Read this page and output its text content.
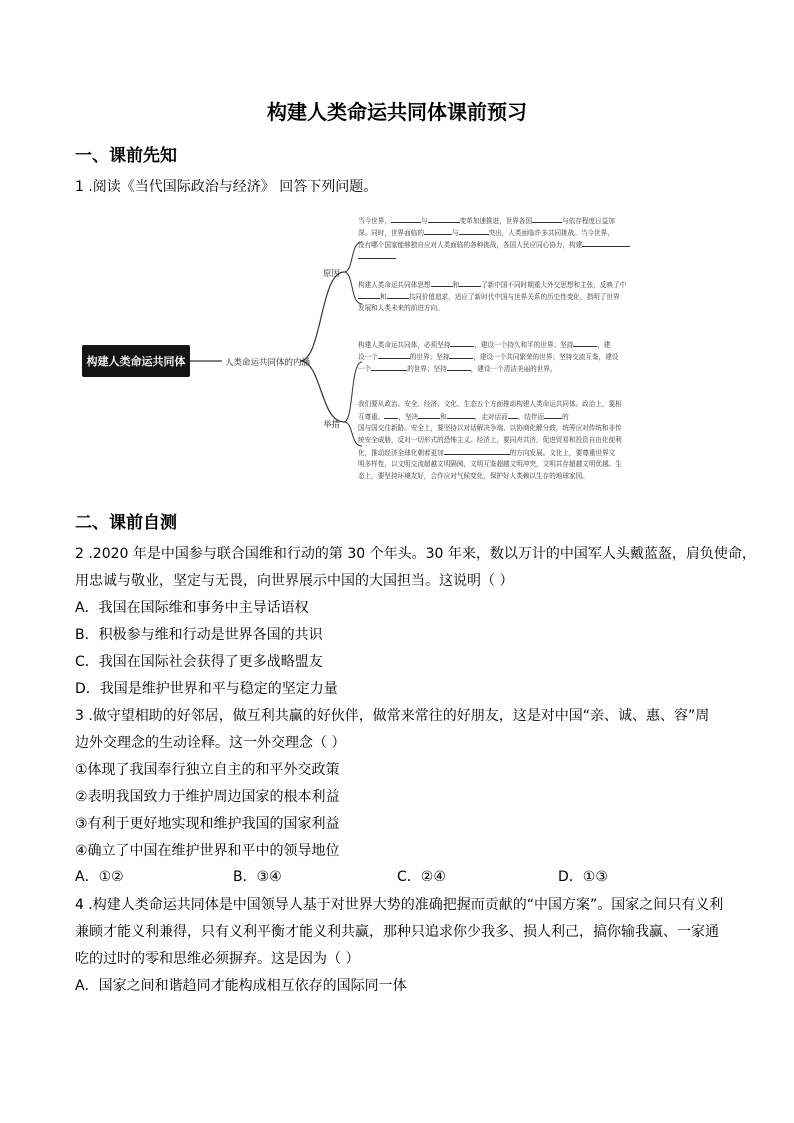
构建人类命运共同体课前预习
一、课前先知
1 .阅读《当代国际政治与经济》 回答下列问题。
构建人类命运共同体	人类命运共同体的内涵
原因
举措
当今世界，	与	变革加速推进，世界各国	与依存程度日益加
深。同时，世界面临的	与	突出，人类面临许多共同挑战。当今世界，
没有哪个国家能够独自应对人类面临的各种挑战，各国人民应同心协力，构建
构建人类命运共同体思想	和	了新中国不同时期重大外交思想和主张，反映了中
和	共同价值追求，适应了新时代中国与世界关系的历史性变化，指明了世界
发展和人类未来的前进方向。
构建人类命运共同体，必须坚持	，建设一个持久和平的世界；坚持	，建
设一个	的世界；坚持	，建设一个共同繁荣的世界；坚持交流互鉴，建设
一个	的世界；坚持	，建设一个清洁美丽的世界。
我们要从政治、安全、经济、文化、生态五个方面推动构建人类命运共同体。政治上，要相
互尊重、 ，坚决	和	，走对话而 、结伴而	的
国与国交往新路。安全上，要坚持以对话解决争端、以协商化解分歧，统筹应对传统和非传
统安全威胁，反对一切形式的恐怖主义。经济上，要同舟共济，促进贸易和投资自由化便利
化，推动经济全球化朝着更加	的方向发展。文化上，要尊重世界文
明多样性，以文明交流超越文明隔阂，文明互鉴超越文明冲突，文明共存超越文明优越。生
态上，要坚持环境友好，合作应对气候变化，保护好人类赖以生存的地球家园。
二、课前自测
2 .2020 年是中国参与联合国维和行动的第 30 个年头。30 年来，数以万计的中国军人头戴蓝盔，肩负使命，
用忠诚与敬业，坚定与无畏，向世界展示中国的大国担当。这说明（ ）
A．我国在国际维和事务中主导话语权
B．积极参与维和行动是世界各国的共识
C．我国在国际社会获得了更多战略盟友
D．我国是维护世界和平与稳定的坚定力量
3 .做守望相助的好邻居，做互利共赢的好伙伴，做常来常往的好朋友，这是对中国“亲、诚、惠、容”周
边外交理念的生动诠释。这一外交理念（ ）
①体现了我国奉行独立自主的和平外交政策
②表明我国致力于维护周边国家的根本利益
③有利于更好地实现和维护我国的国家利益
④确立了中国在维护世界和平中的领导地位
A．①②	B．③④	C．②④	D．①③
4 .构建人类命运共同体是中国领导人基于对世界大势的准确把握而贡献的“中国方案”。国家之间只有义利
兼顾才能义利兼得，只有义利平衡才能义利共赢，那种只追求你少我多、损人利己，搞你输我赢、一家通
吃的过时的零和思维必须摒弃。这是因为（ ）
A．国家之间和谐趋同才能构成相互依存的国际同一体
